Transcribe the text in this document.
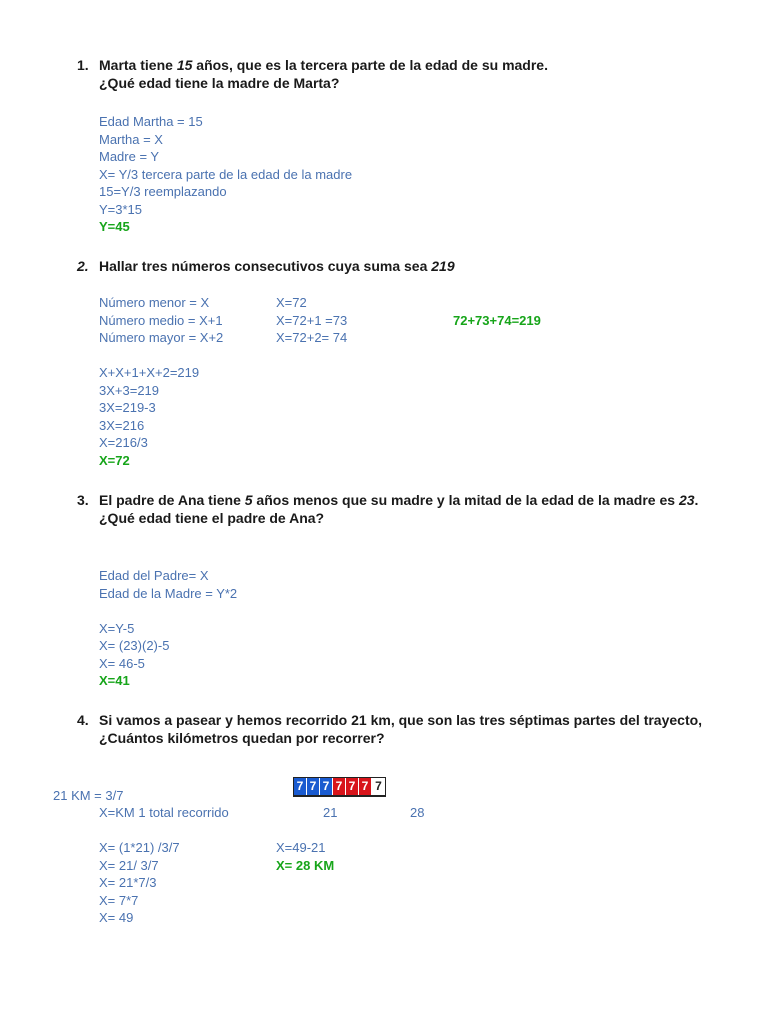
1. Marta tiene 15 años, que es la tercera parte de la edad de su madre.
¿Qué edad tiene la madre de Marta?
Edad Martha = 15
Martha = X
Madre = Y
X= Y/3 tercera parte de la edad de la madre
15=Y/3 reemplazando
Y=3*15
Y=45
2. Hallar tres números consecutivos cuya suma sea 219
Número menor = X
Número medio = X+1
Número mayor = X+2
X=72
X=72+1 =73
X=72+2= 74
72+73+74=219
X+X+1+X+2=219
3X+3=219
3X=219-3
3X=216
X=216/3
X=72
3. El padre de Ana tiene 5 años menos que su madre y la mitad de la edad de la madre es 23.
¿Qué edad tiene el padre de Ana?
Edad del Padre= X
Edad de la Madre = Y*2
X=Y-5
X= (23)(2)-5
X= 46-5
X=41
4. Si vamos a pasear y hemos recorrido 21 km, que son las tres séptimas partes del trayecto,
¿Cuántos kilómetros quedan por recorrer?
7 7 7 7 7 7 7
21 KM = 3/7
X=KM 1 total recorrido	21	28
X= (1*21) /3/7
X= 21/ 3/7
X= 21*7/3
X= 7*7
X= 49
X=49-21
X= 28 KM
